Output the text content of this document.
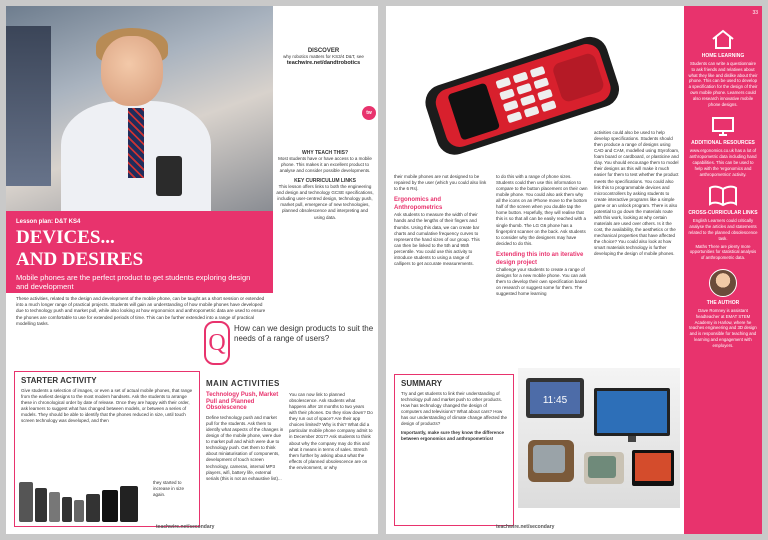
DISCOVER
why robotics matters for KS3/4 D&T, see
teachwire.net/dandtrobotics
tw
WHY TEACH THIS?
Most students have or have access to a mobile phone. This makes it an excellent product to analyse and consider possible developments.
KEY CURRICULUM LINKS
This lesson offers links to both the engineering and design and technology GCSE specifications, including user-centred design, technology push, market pull, emergence of new technologies, planned obsolescence and interpreting and using data.
Lesson plan: D&T KS4
DEVICES...
AND DESIRES
Mobile phones are the perfect product to get students exploring design and development
These activities, related to the design and development of the mobile phone, can be taught as a short session or extended into a much longer range of practical projects. Students will gain an understanding of how mobile phones have developed due to technology push and market pull, while also looking at how ergonomics and anthropometric data are used to ensure the phones are comfortable to use for extended periods of time. This can be further extended into a range of practical modelling tasks.
Q
How can we design products to suit the needs of a range of users?
STARTER ACTIVITY
Give students a selection of images, or even a set of actual mobile phones, that range from the earliest designs to the most modern handsets. Ask the students to arrange these in chronological order by date of release. Once they are happy with their order, ask learners to suggest what has changed between models, or between a series of models. They should be able to identify that the phones reduced in size, until touch screen technology was developed, and then
they started to increase in size again.
MAIN ACTIVITIES
Technology Push, Market Pull and Planned Obsolescence
Define technology push and market pull for the students. Ask them to identify what aspects of the changes in design of the mobile phone, were due to market pull and which were due to technology push. Get them to think about miniaturisation of components, development of touch screen technology, cameras, internal MP3 players, wifi, battery life, external serials (this is not an exhaustive list)...
You can now link to planned obsolescence. Ask students what happens after 18 months to two years with their phones. Do they slow down? Do they run out of space? Are their app choices limited? Why is this? What did a particular mobile phone company admit to in December 2017? Ask students to think about why the company may do this and what it means in terms of sales. Stretch them further by asking about what the effects of planned obsolescence are on the environment, or why
teachwire.net/secondary
their mobile phones are not designed to be repaired by the user (which you could also link to the 6 Rs).
Ergonomics and Anthropometrics
Ask students to measure the width of their hands and the lengths of their fingers and thumbs. Using this data, we can create bar charts and cumulative frequency curves to represent the hand sizes of our group. This can then be linked to the 5th and 95th percentile. You could use this activity to introduce students to using a range of callipers to get accurate measurements.
to do this with a range of phone sizes. Students could then use this information to compare to the button placement on their own mobile phone. You could also ask them why all the icons on an iPhone move to the bottom half of the screen when you double tap the home button. Hopefully, they will realise that this is so that all can be easily reached with a single thumb. The LG G6 phone has a fingerprint scanner on the back. Ask students to consider why the designers may have decided to do this.
Extending this into an iterative design project
Challenge your students to create a range of designs for a new mobile phone. You can ask them to develop their own specification based on research or suggest some for them. The suggested home learning
activities could also be used to help develop specifications. Students should then produce a range of designs using CAD and CAM, modelled using Styrofoam, foam board or cardboard, or plasticine and clay. You should encourage them to model their designs as this will make it much easier for them to test whether the product meets the specifications. You could also link this to programmable devices and microcontrollers by asking students to create interactive programs like a simple game or an unlock program. There is also potential to go down the materials route with this work, looking at why certain materials are used over others. Is it the cost, the availability, the aesthetics or the mechanical properties that have affected the choice? You could also look at how smart materials technology is further developing the design of mobile phones.
SUMMARY
Try and get students to link their understanding of technology pull and market push to other products. How has technology changed the design of computers and televisions? What about cars? How has our understanding of climate change affected the design of products?
Importantly, make sure they know the difference between ergonomics and anthropometrics!
11:45
33
HOME LEARNING
Students can write a questionnaire to ask friends and relatives about what they like and dislike about their phone. This can be used to develop a specification for the design of their own mobile phone. Learners could also research innovative mobile phone designs.
ADDITIONAL RESOURCES
www.ergonomics.co.uk has a lot of anthropometric data including hand capabilities. This can be used to help with the 'ergonomics and anthropometrics' activity.
CROSS-CURRICULAR LINKS
English Learners could critically analyse the articles and statements related to the planned obsolescence task.
Maths There are plenty more opportunities for statistical analysis of anthropometric data.
THE AUTHOR
Dave Romney is assistant headteacher at EMAT STEM Academy in Harlow, where he teaches engineering and 3D design and is responsible for teaching and learning and engagement with employers.
teachwire.net/secondary
